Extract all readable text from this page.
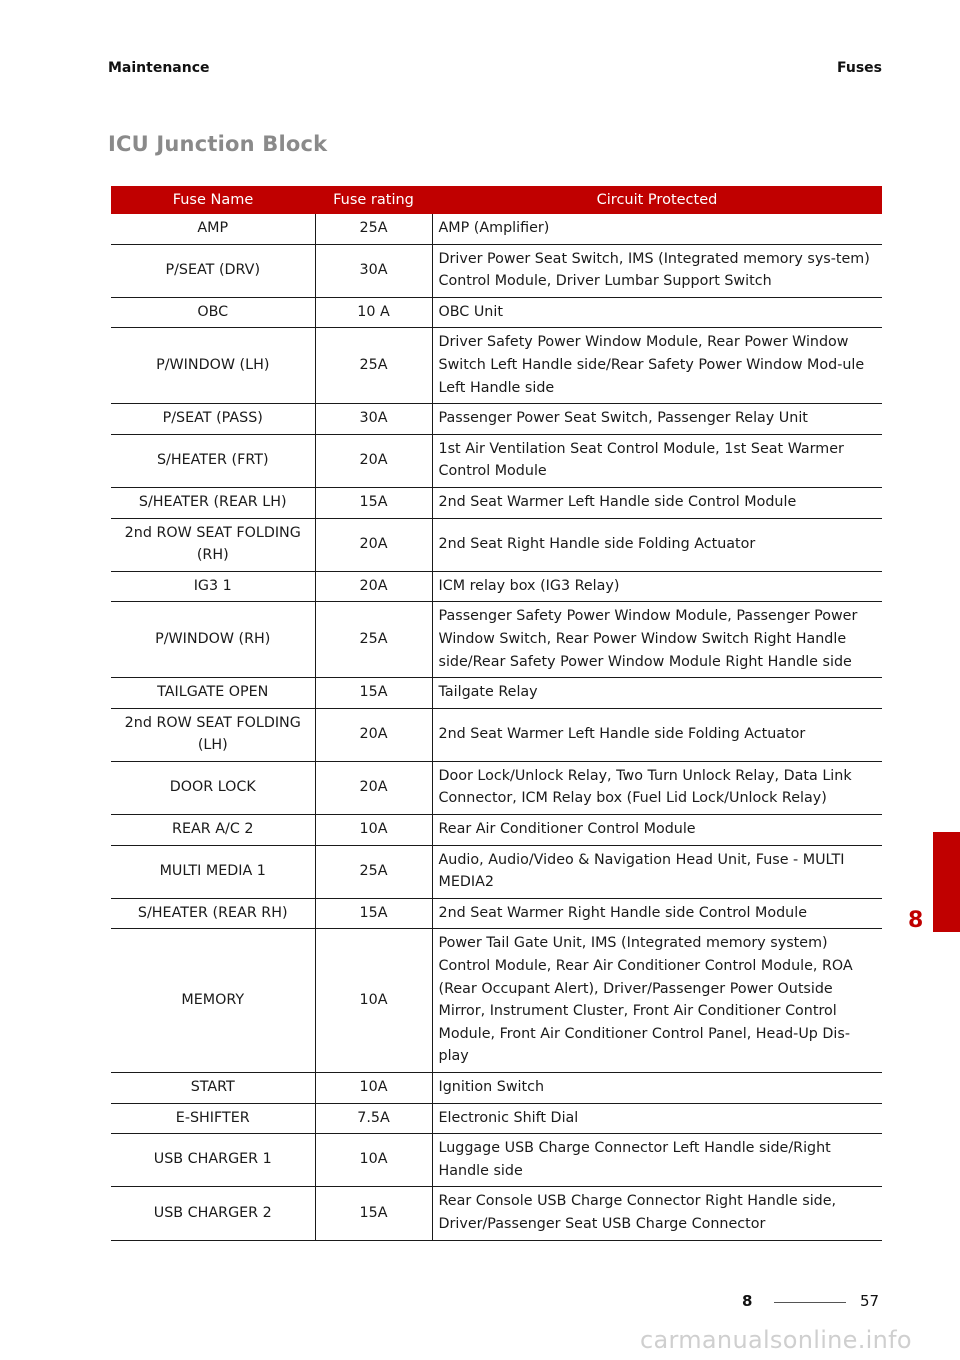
Maintenance	Fuses
ICU Junction Block
Fuse Name	Fuse rating	Circuit Protected
AMP	25A	AMP (Amplifier)
P/SEAT (DRV)	30A	Driver Power Seat Switch, IMS (Integrated memory sys-tem) Control Module, Driver Lumbar Support Switch
OBC	10 A	OBC Unit
P/WINDOW (LH)	25A	Driver Safety Power Window Module, Rear Power Window Switch Left Handle side/Rear Safety Power Window Mod-ule Left Handle side
P/SEAT (PASS)	30A	Passenger Power Seat Switch, Passenger Relay Unit
S/HEATER (FRT)	20A	1st Air Ventilation Seat Control Module, 1st Seat Warmer Control Module
S/HEATER (REAR LH)	15A	2nd Seat Warmer Left Handle side Control Module
2nd ROW SEAT FOLDING (RH)	20A	2nd Seat Right Handle side Folding Actuator
IG3 1	20A	ICM relay box (IG3 Relay)
P/WINDOW (RH)	25A	Passenger Safety Power Window Module, Passenger Power Window Switch, Rear Power Window Switch Right Handle side/Rear Safety Power Window Module Right Handle side
TAILGATE OPEN	15A	Tailgate Relay
2nd ROW SEAT FOLDING (LH)	20A	2nd Seat Warmer Left Handle side Folding Actuator
DOOR LOCK	20A	Door Lock/Unlock Relay, Two Turn Unlock Relay, Data Link Connector, ICM Relay box (Fuel Lid Lock/Unlock Relay)
REAR A/C 2	10A	Rear Air Conditioner Control Module
MULTI MEDIA 1	25A	Audio, Audio/Video & Navigation Head Unit, Fuse - MULTI MEDIA2
S/HEATER (REAR RH)	15A	2nd Seat Warmer Right Handle side Control Module
MEMORY	10A	Power Tail Gate Unit, IMS (Integrated memory system) Control Module, Rear Air Conditioner Control Module, ROA (Rear Occupant Alert), Driver/Passenger Power Outside Mirror, Instrument Cluster, Front Air Conditioner Control Module, Front Air Conditioner Control Panel, Head-Up Dis-play
START	10A	Ignition Switch
E-SHIFTER	7.5A	Electronic Shift Dial
USB CHARGER 1	10A	Luggage USB Charge Connector Left Handle side/Right Handle side
USB CHARGER 2	15A	Rear Console USB Charge Connector Right Handle side, Driver/Passenger Seat USB Charge Connector
8
8	57
carmanualsonline.info
